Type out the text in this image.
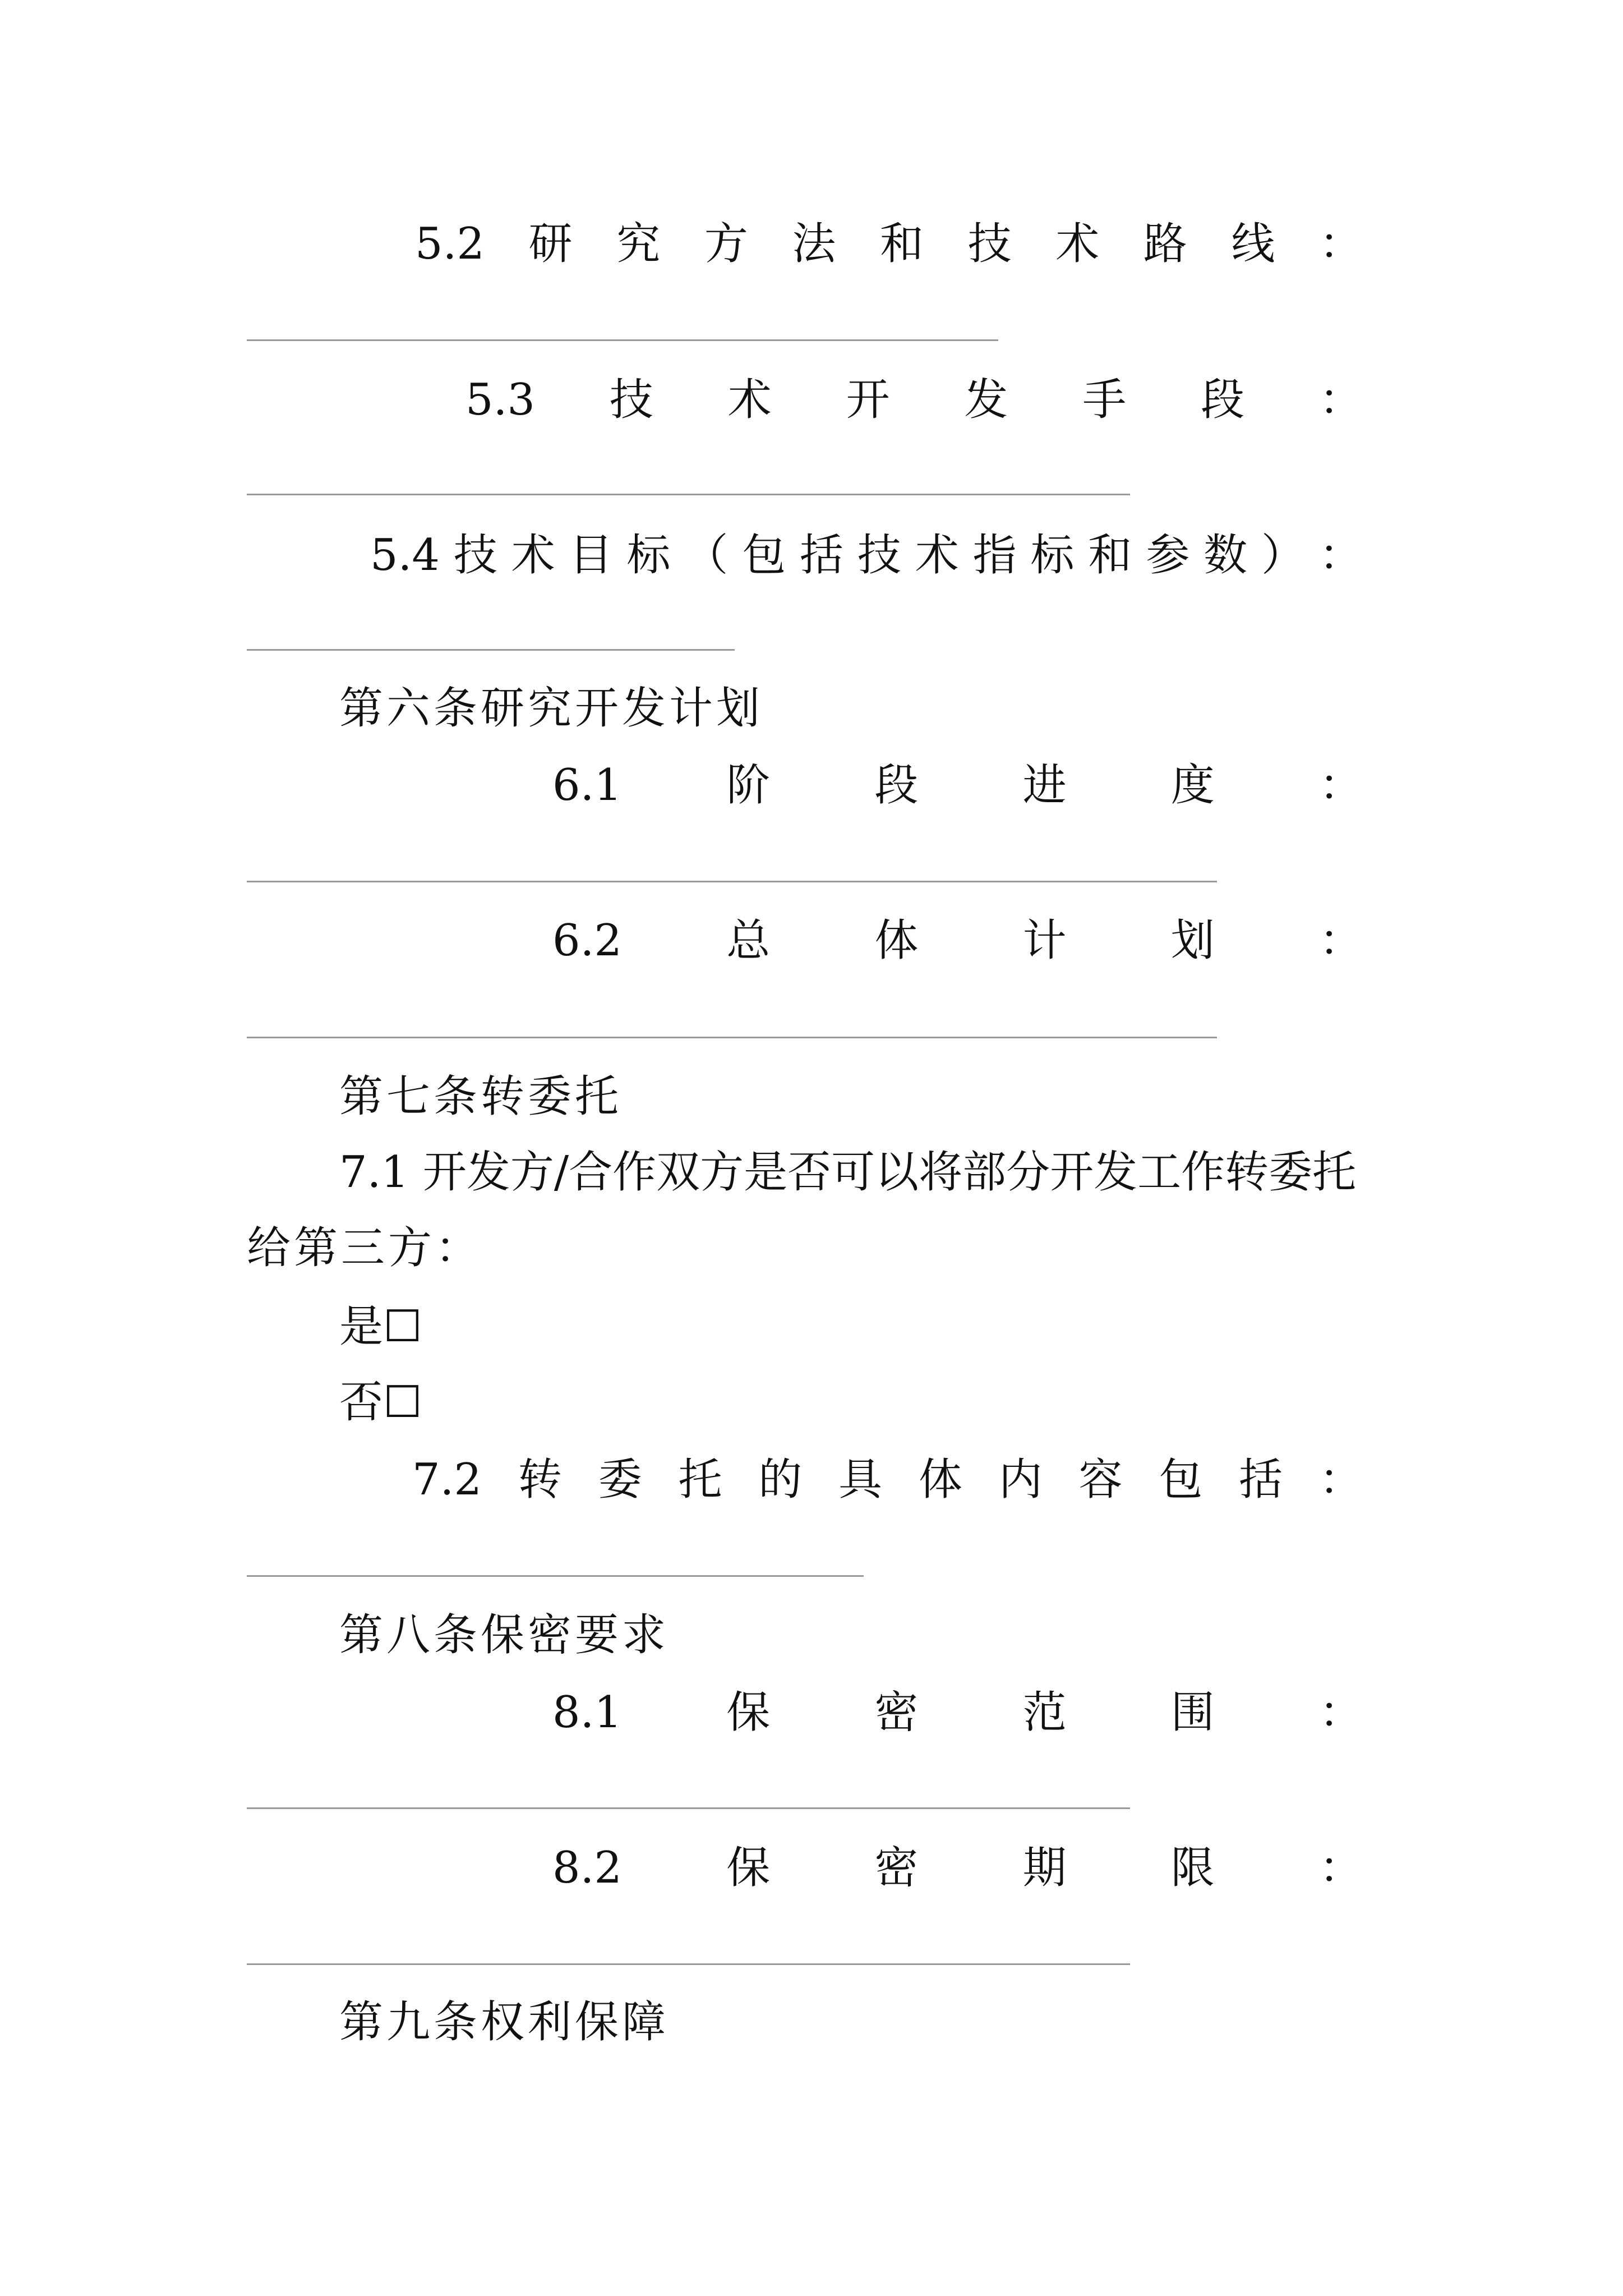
5.2 研 究 方 法 和 技 术 路 线 ：
5.3 技 术 开 发 手 段 ：
5.4 技 术 目 标 （ 包 括 技 术 指 标 和 参 数 ） ：
第六条研究开发计划
6.1 阶 段 进 度 ：
6.2 总 体 计 划 ：
第七条转委托
7.1 开发方/合作双方是否可以将部分开发工作转委托
给第三方：
是☐
否☐
7.2 转 委 托 的 具 体 内 容 包 括 ：
第八条保密要求
8.1 保 密 范 围 ：
8.2 保 密 期 限 ：
第九条权利保障
